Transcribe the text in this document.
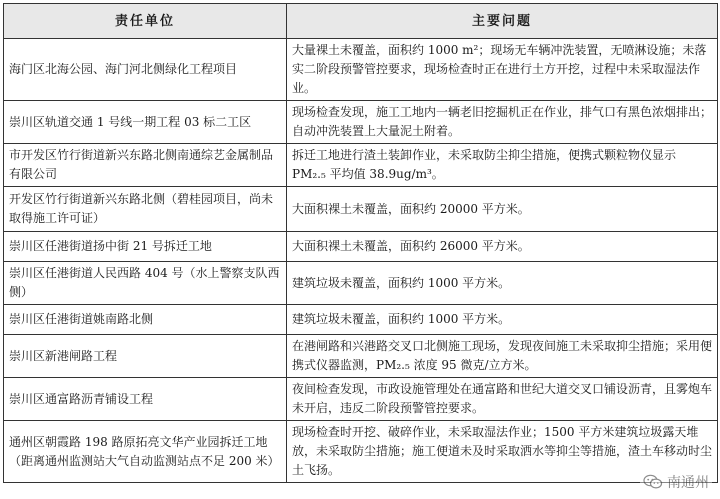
责任单位	主要问题
海门区北海公园、海门河北侧绿化工程项目	大量裸土未覆盖，面积约 1000 m²；现场无车辆冲洗装置，无喷淋设施；未落实二阶段预警管控要求，现场检查时正在进行土方开挖，过程中未采取湿法作业。
崇川区轨道交通 1 号线一期工程 03 标二工区	现场检查发现，施工工地内一辆老旧挖掘机正在作业，排气口有黑色浓烟排出；自动冲洗装置上大量泥土附着。
市开发区竹行街道新兴东路北侧南通综艺金属制品有限公司	拆迁工地进行渣土装卸作业，未采取防尘抑尘措施，便携式颗粒物仪显示 PM₂.₅ 平均值 38.9ug/m³。
开发区竹行街道新兴东路北侧（碧桂园项目，尚未取得施工许可证）	大面积裸土未覆盖，面积约 20000 平方米。
崇川区任港街道扬中街 21 号拆迁工地	大面积裸土未覆盖，面积约 26000 平方米。
崇川区任港街道人民西路 404 号（水上警察支队西侧）	建筑垃圾未覆盖，面积约 1000 平方米。
崇川区任港街道姚南路北侧	建筑垃圾未覆盖，面积约 1000 平方米。
崇川区新港闸路工程	在港闸路和兴港路交叉口北侧施工现场，发现夜间施工未采取抑尘措施；采用便携式仪器监测，PM₂.₅ 浓度 95 微克/立方米。
崇川区通富路沥青铺设工程	夜间检查发现，市政设施管理处在通富路和世纪大道交叉口铺设沥青，且雾炮车未开启，违反二阶段预警管控要求。
通州区朝霞路 198 路原拓亮文华产业园拆迁工地（距离通州监测站大气自动监测站点不足 200 米）	现场检查时开挖、破碎作业，未采取湿法作业；1500 平方米建筑垃圾露天堆放，未采取防尘措施；施工便道未及时采取洒水等抑尘等措施，渣土车移动时尘土飞扬。
南通州
